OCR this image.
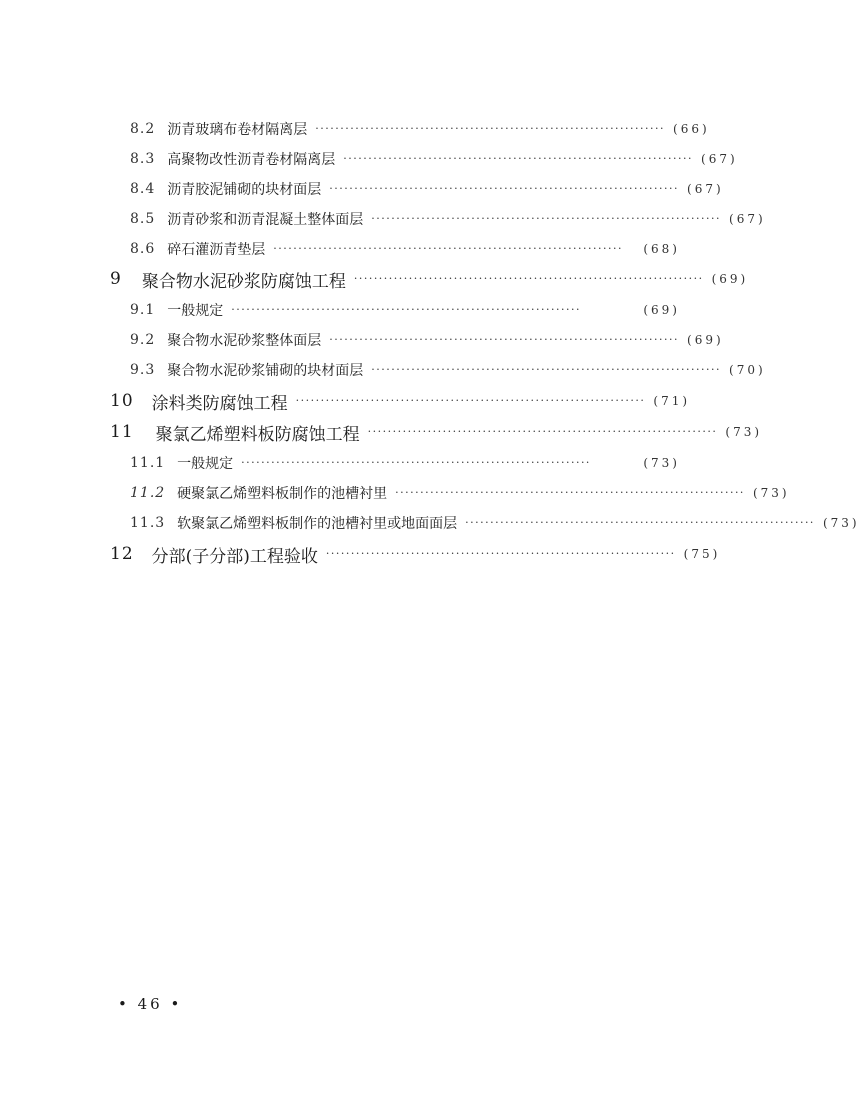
8.2 沥青玻璃布卷材隔离层 ······································································ (66)
8.3 高聚物改性沥青卷材隔离层 ······································································ (67)
8.4 沥青胶泥铺砌的块材面层 ······································································ (67)
8.5 沥青砂浆和沥青混凝土整体面层 ······································································ (67)
8.6 碎石灌沥青垫层 ······································································	(68)
9 聚合物水泥砂浆防腐蚀工程 ······································································ (69)
9.1 一般规定 ······································································	(69)
9.2 聚合物水泥砂浆整体面层 ······································································ (69)
9.3 聚合物水泥砂浆铺砌的块材面层 ······································································ (70)
10 涂料类防腐蚀工程 ······································································ (71)
11 聚氯乙烯塑料板防腐蚀工程 ······································································ (73)
11.1 一般规定 ······································································	(73)
11.2 硬聚氯乙烯塑料板制作的池槽衬里 ······································································ (73)
11.3 软聚氯乙烯塑料板制作的池槽衬里或地面面层 ······································································ (73)
12 分部(子分部)工程验收 ······································································ (75)
• 46 •
